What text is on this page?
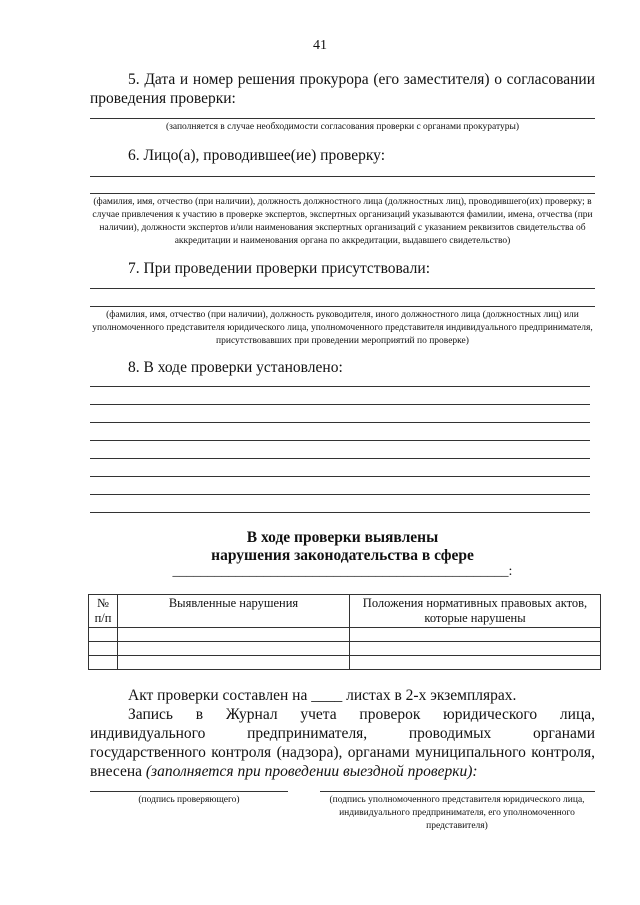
41
5. Дата и номер решения прокурора (его заместителя) о согласовании проведения проверки:
(заполняется в случае необходимости согласования проверки с органами прокуратуры)
6. Лицо(а), проводившее(ие) проверку:
(фамилия, имя, отчество (при наличии), должность должностного лица (должностных лиц), проводившего(их) проверку; в случае привлечения к участию в проверке экспертов, экспертных организаций указываются фамилии, имена, отчества (при наличии), должности экспертов и/или наименования экспертных организаций с указанием реквизитов свидетельства об аккредитации и наименования органа по аккредитации, выдавшего свидетельство)
7. При проведении проверки присутствовали:
(фамилия, имя, отчество (при наличии), должность руководителя, иного должностного лица (должностных лиц) или уполномоченного представителя юридического лица, уполномоченного представителя индивидуального предпринимателя, присутствовавших при проведении мероприятий по проверке)
8. В ходе проверки установлено:
В ходе проверки выявлены
нарушения законодательства в сфере
________________________________________________:
№ п/п	Выявленные нарушения	Положения нормативных правовых актов, которые нарушены

Акт проверки составлен на ____ листах в 2-х экземплярах.
Запись в Журнал учета проверок юридического лица, индивидуального предпринимателя, проводимых органами государственного контроля (надзора), органами муниципального контроля, внесена (заполняется при проведении выездной проверки):
(подпись проверяющего)	(подпись уполномоченного представителя юридического лица, индивидуального предпринимателя, его уполномоченного представителя)
